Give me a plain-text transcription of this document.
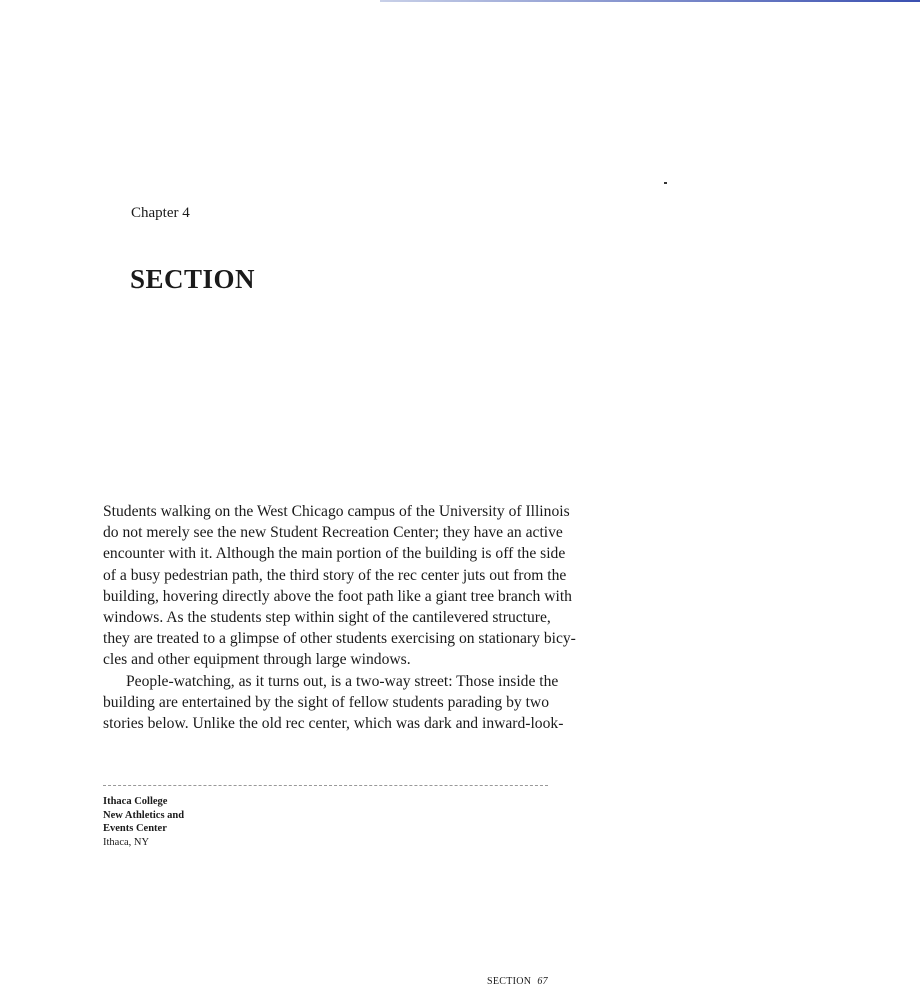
Chapter 4
SECTION
Students walking on the West Chicago campus of the University of Illinois
do not merely see the new Student Recreation Center; they have an active
encounter with it. Although the main portion of the building is off the side
of a busy pedestrian path, the third story of the rec center juts out from the
building, hovering directly above the foot path like a giant tree branch with
windows. As the students step within sight of the cantilevered structure,
they are treated to a glimpse of other students exercising on stationary bicy-
cles and other equipment through large windows.
People-watching, as it turns out, is a two-way street: Those inside the
building are entertained by the sight of fellow students parading by two
stories below. Unlike the old rec center, which was dark and inward-look-
Ithaca College
New Athletics and
Events Center
Ithaca, NY
SECTION 67
